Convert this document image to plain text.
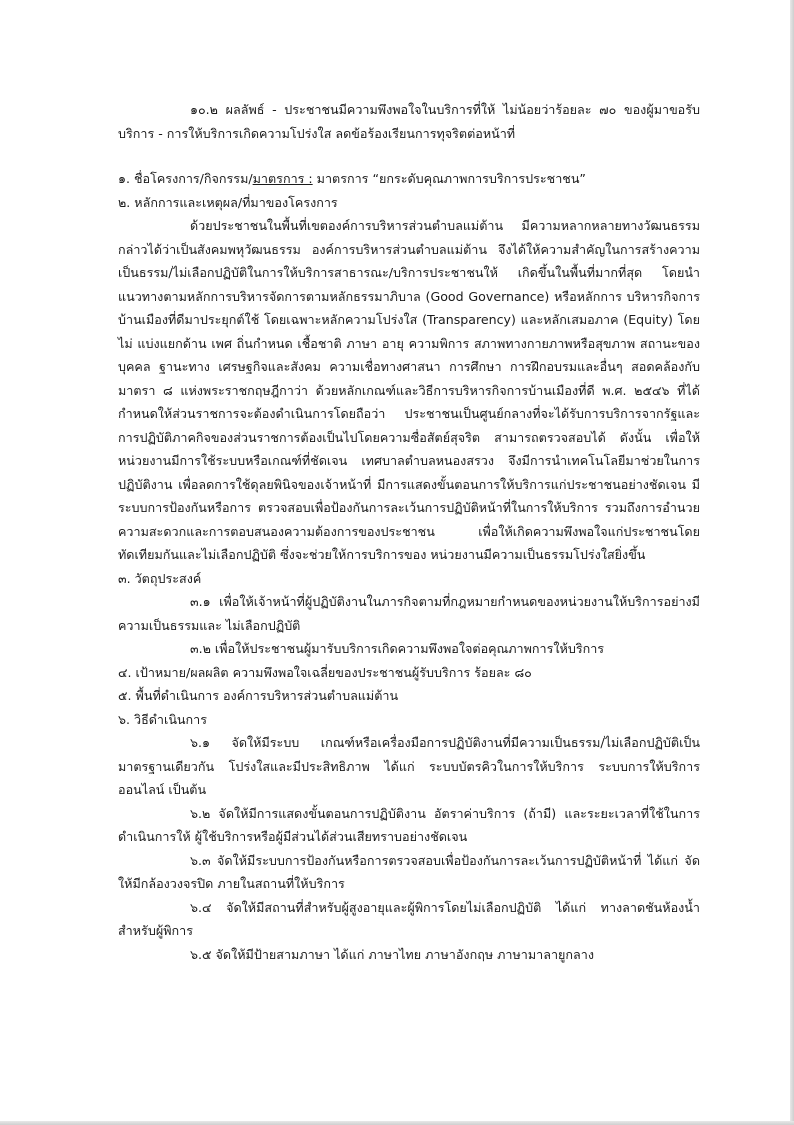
๑๐.๒ ผลลัพธ์ - ประชาชนมีความพึงพอใจในบริการที่ให้ ไม่น้อยว่าร้อยละ ๗๐ ของผู้มาขอรับบริการ - การให้บริการเกิดความโปร่งใส ลดข้อร้องเรียนการทุจริตต่อหน้าที่

๑. ชื่อโครงการ/กิจกรรม/มาตรการ : มาตรการ “ยกระดับคุณภาพการบริการประชาชน”

๒. หลักการและเหตุผล/ที่มาของโครงการ

ด้วยประชาชนในพื้นที่เขตองค์การบริหารส่วนตำบลแม่ต้าน มีความหลากหลายทางวัฒนธรรม กล่าวได้ว่าเป็นสังคมพหุวัฒนธรรม องค์การบริหารส่วนตำบลแม่ต้าน จึงได้ให้ความสำคัญในการสร้างความเป็นธรรม/ไม่เลือกปฏิบัติในการให้บริการสาธารณะ/บริการประชาชนให้ เกิดขึ้นในพื้นที่มากที่สุด โดยนำแนวทางตามหลักการบริหารจัดการตามหลักธรรมาภิบาล (Good Governance) หรือหลักการ บริหารกิจการบ้านเมืองที่ดีมาประยุกต์ใช้ โดยเฉพาะหลักความโปร่งใส (Transparency) และหลักเสมอภาค (Equity) โดยไม่ แบ่งแยกด้าน เพศ ถิ่นกำหนด เชื้อชาติ ภาษา อายุ ความพิการ สภาพทางกายภาพหรือสุขภาพ สถานะของบุคคล ฐานะทาง เศรษฐกิจและสังคม ความเชื่อทางศาสนา การศึกษา การฝึกอบรมและอื่นๆ สอดคล้องกับมาตรา ๘ แห่งพระราชกฤษฎีกาว่า ด้วยหลักเกณฑ์และวิธีการบริหารกิจการบ้านเมืองที่ดี พ.ศ. ๒๕๔๖ ที่ได้กำหนดให้ส่วนราชการจะต้องดำเนินการโดยถือว่า ประชาชนเป็นศูนย์กลางที่จะได้รับการบริการจากรัฐและการปฏิบัติภาคกิจของส่วนราชการต้องเป็นไปโดยความซื่อสัตย์สุจริต สามารถตรวจสอบได้ ดังนั้น เพื่อให้หน่วยงานมีการใช้ระบบหรือเกณฑ์ที่ชัดเจน เทศบาลตำบลหนองสรวง จึงมีการนำเทคโนโลยีมาช่วยในการปฏิบัติงาน เพื่อลดการใช้ดุลยพินิจของเจ้าหน้าที่ มีการแสดงขั้นตอนการให้บริการแก่ประชาชนอย่างชัดเจน มีระบบการป้องกันหรือการ ตรวจสอบเพื่อป้องกันการละเว้นการปฏิบัติหน้าที่ในการให้บริการ รวมถึงการอำนวยความสะดวกและการตอบสนองความต้องการของประชาชน เพื่อให้เกิดความพึงพอใจแก่ประชาชนโดยทัดเทียมกันและไม่เลือกปฏิบัติ ซึ่งจะช่วยให้การบริการของ หน่วยงานมีความเป็นธรรมโปร่งใสยิ่งขึ้น

๓. วัตถุประสงค์

๓.๑ เพื่อให้เจ้าหน้าที่ผู้ปฏิบัติงานในภารกิจตามที่กฎหมายกำหนดของหน่วยงานให้บริการอย่างมีความเป็นธรรมและ ไม่เลือกปฏิบัติ

๓.๒ เพื่อให้ประชาชนผู้มารับบริการเกิดความพึงพอใจต่อคุณภาพการให้บริการ

๔. เป้าหมาย/ผลผลิต ความพึงพอใจเฉลี่ยของประชาชนผู้รับบริการ ร้อยละ ๘๐

๕. พื้นที่ดำเนินการ องค์การบริหารส่วนตำบลแม่ต้าน

๖. วิธีดำเนินการ

๖.๑ จัดให้มีระบบ เกณฑ์หรือเครื่องมือการปฏิบัติงานที่มีความเป็นธรรม/ไม่เลือกปฏิบัติเป็นมาตรฐานเดียวกัน โปร่งใสและมีประสิทธิภาพ ได้แก่ ระบบบัตรคิวในการให้บริการ ระบบการให้บริการออนไลน์ เป็นต้น

๖.๒ จัดให้มีการแสดงขั้นตอนการปฏิบัติงาน อัตราค่าบริการ (ถ้ามี) และระยะเวลาที่ใช้ในการดำเนินการให้ ผู้ใช้บริการหรือผู้มีส่วนได้ส่วนเสียทราบอย่างชัดเจน

๖.๓ จัดให้มีระบบการป้องกันหรือการตรวจสอบเพื่อป้องกันการละเว้นการปฏิบัติหน้าที่ ได้แก่ จัดให้มีกล้องวงจรปิด ภายในสถานที่ให้บริการ

๖.๔ จัดให้มีสถานที่สำหรับผู้สูงอายุและผู้พิการโดยไม่เลือกปฏิบัติ ได้แก่ ทางลาดชันห้องน้ำสำหรับผู้พิการ

๖.๕ จัดให้มีป้ายสามภาษา ได้แก่ ภาษาไทย ภาษาอังกฤษ ภาษามาลายูกลาง
